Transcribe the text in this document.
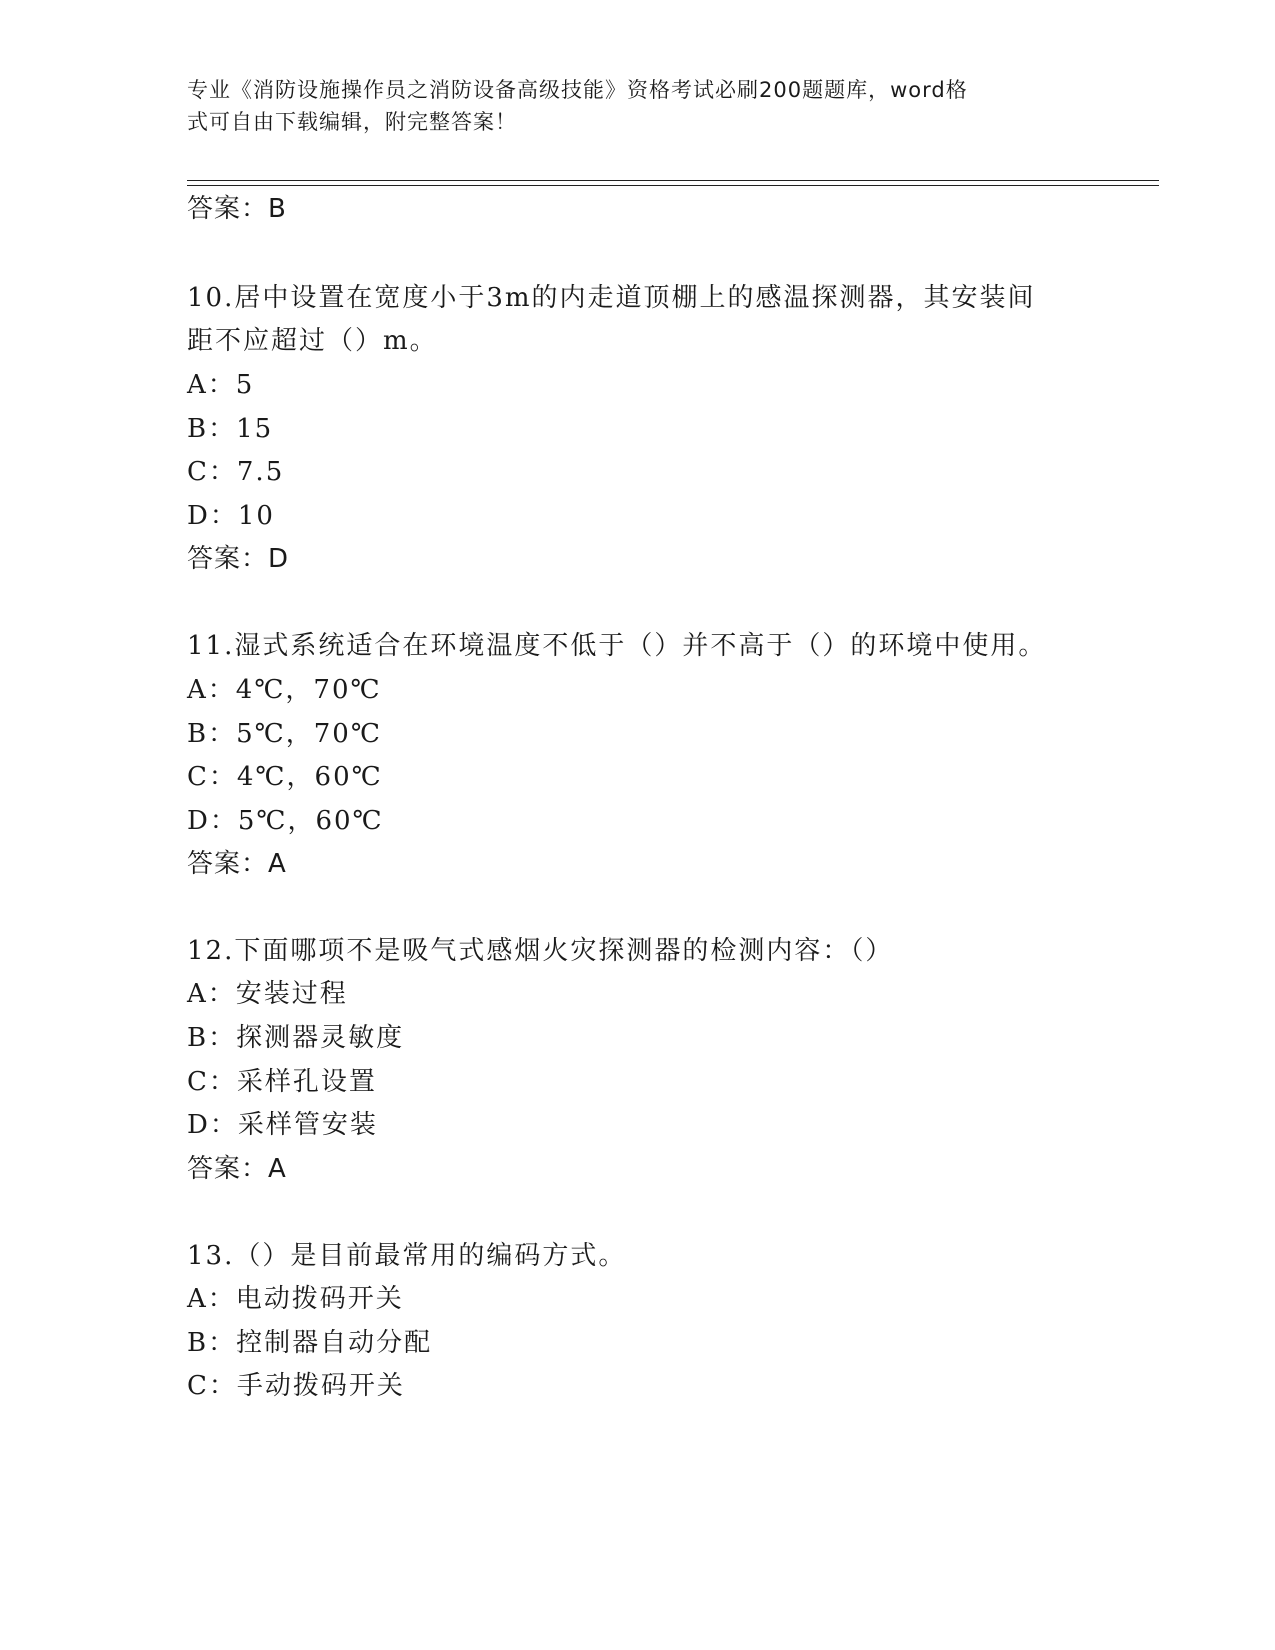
专业《消防设施操作员之消防设备高级技能》资格考试必刷200题题库，word格
式可自由下载编辑，附完整答案！
答案：B
10.居中设置在宽度小于3m的内走道顶棚上的感温探测器，其安装间
距不应超过（）m。
A：5
B：15
C：7.5
D：10
答案：D
11.湿式系统适合在环境温度不低于（）并不高于（）的环境中使用。
A：4℃，70℃
B：5℃，70℃
C：4℃，60℃
D：5℃，60℃
答案：A
12.下面哪项不是吸气式感烟火灾探测器的检测内容：（）
A：安装过程
B：探测器灵敏度
C：采样孔设置
D：采样管安装
答案：A
13.（）是目前最常用的编码方式。
A：电动拨码开关
B：控制器自动分配
C：手动拨码开关
